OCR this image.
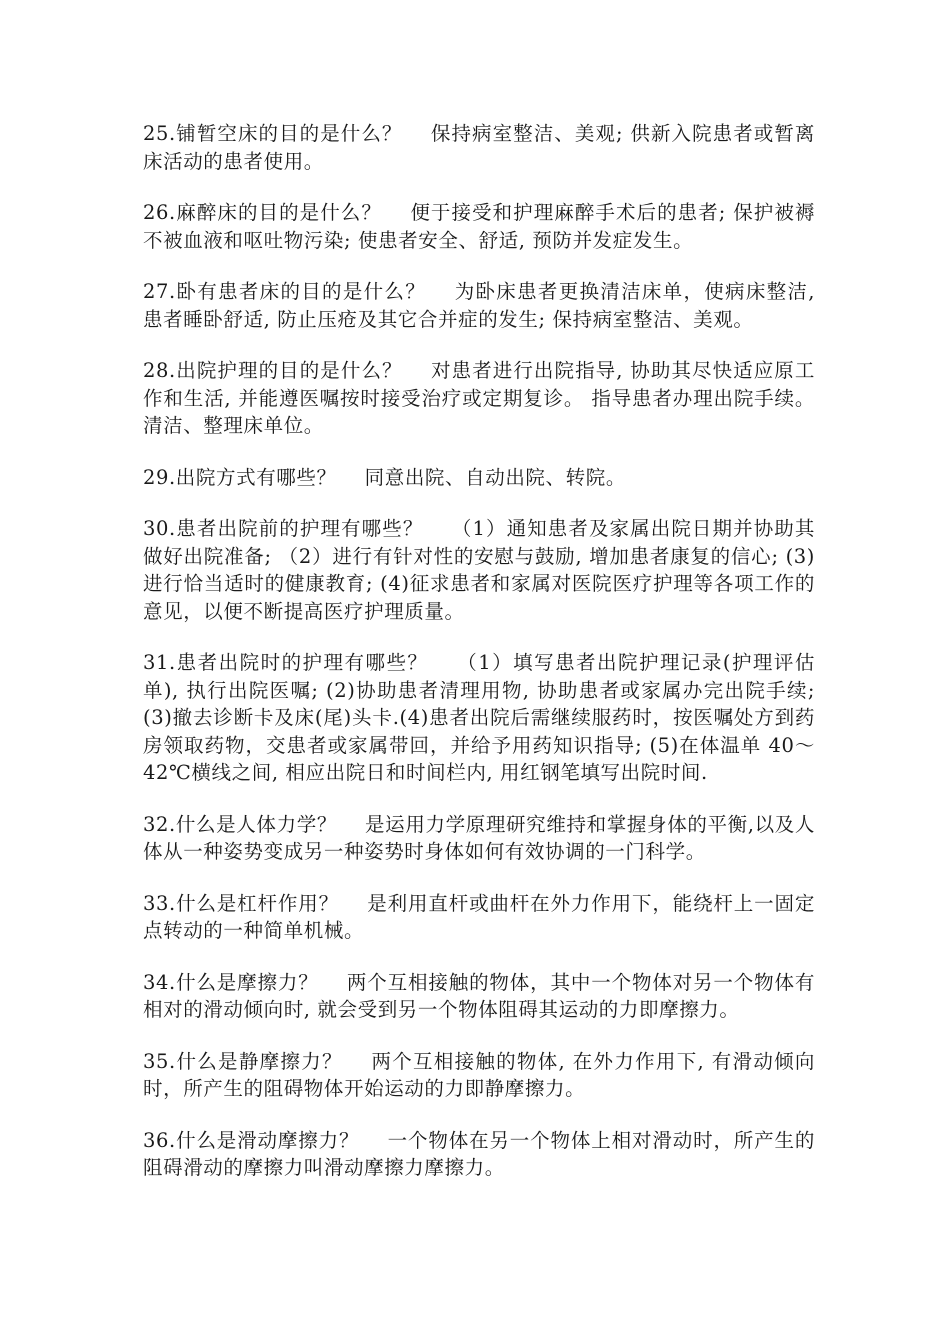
25.铺暂空床的目的是什么？ 保持病室整洁、美观; 供新入院患者或暂离床活动的患者使用。

26.麻醉床的目的是什么？ 便于接受和护理麻醉手术后的患者; 保护被褥不被血液和呕吐物污染; 使患者安全、舒适, 预防并发症发生。

27.卧有患者床的目的是什么？ 为卧床患者更换清洁床单，使病床整洁, 患者睡卧舒适, 防止压疮及其它合并症的发生; 保持病室整洁、美观。

28.出院护理的目的是什么？ 对患者进行出院指导, 协助其尽快适应原工作和生活, 并能遵医嘱按时接受治疗或定期复诊。 指导患者办理出院手续。清洁、整理床单位。

29.出院方式有哪些？ 同意出院、自动出院、转院。

30.患者出院前的护理有哪些？ （1）通知患者及家属出院日期并协助其做好出院准备; （2）进行有针对性的安慰与鼓励, 增加患者康复的信心; (3)进行恰当适时的健康教育; (4)征求患者和家属对医院医疗护理等各项工作的意见，以便不断提高医疗护理质量。

31.患者出院时的护理有哪些？ （1）填写患者出院护理记录(护理评估单), 执行出院医嘱; (2)协助患者清理用物, 协助患者或家属办完出院手续; (3)撤去诊断卡及床(尾)头卡.(4)患者出院后需继续服药时，按医嘱处方到药房领取药物，交患者或家属带回，并给予用药知识指导; (5)在体温单 40～42℃横线之间, 相应出院日和时间栏内, 用红钢笔填写出院时间.

32.什么是人体力学？ 是运用力学原理研究维持和掌握身体的平衡,以及人体从一种姿势变成另一种姿势时身体如何有效协调的一门科学。

33.什么是杠杆作用？ 是利用直杆或曲杆在外力作用下，能绕杆上一固定点转动的一种简单机械。

34.什么是摩擦力？ 两个互相接触的物体，其中一个物体对另一个物体有相对的滑动倾向时, 就会受到另一个物体阻碍其运动的力即摩擦力。

35.什么是静摩擦力？ 两个互相接触的物体, 在外力作用下, 有滑动倾向时，所产生的阻碍物体开始运动的力即静摩擦力。

36.什么是滑动摩擦力？ 一个物体在另一个物体上相对滑动时，所产生的阻碍滑动的摩擦力叫滑动摩擦力摩擦力。
